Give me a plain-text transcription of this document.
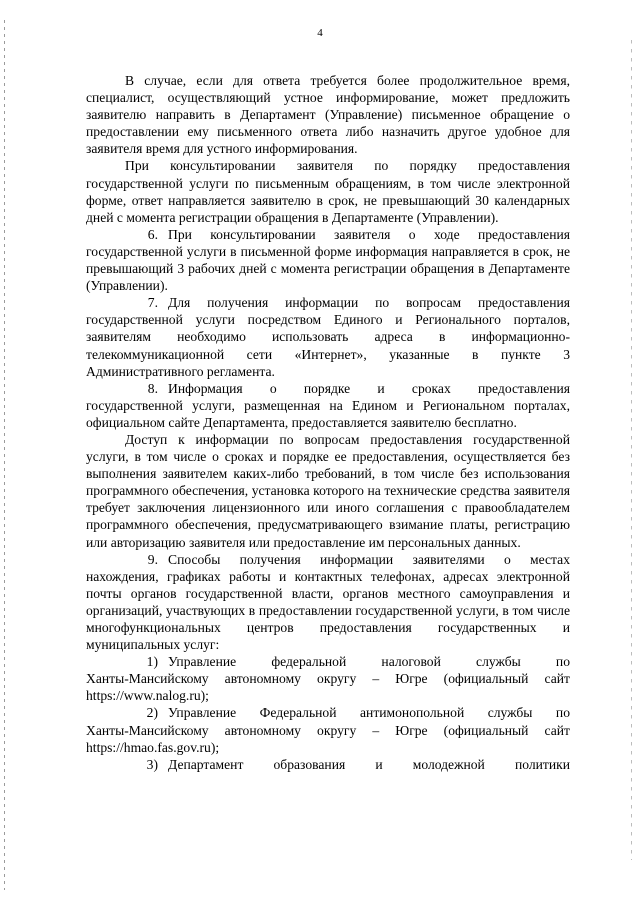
4

В случае, если для ответа требуется более продолжительное время, специалист, осуществляющий устное информирование, может предложить заявителю направить в Департамент (Управление) письменное обращение о предоставлении ему письменного ответа либо назначить другое удобное для заявителя время для устного информирования.

При консультировании заявителя по порядку предоставления государственной услуги по письменным обращениям, в том числе электронной форме, ответ направляется заявителю в срок, не превышающий 30 календарных дней с момента регистрации обращения в Департаменте (Управлении).

6. При консультировании заявителя о ходе предоставления

государственной услуги в письменной форме информация направляется в срок, не превышающий 3 рабочих дней с момента регистрации обращения в Департаменте (Управлении).

7. Для получения информации по вопросам предоставления

государственной услуги посредством Единого и Регионального порталов, заявителям необходимо использовать адреса в информационно-телекоммуникационной сети «Интернет», указанные в пункте 3 Административного регламента.

8. Информация о порядке и сроках предоставления

государственной услуги, размещенная на Едином и Региональном порталах, официальном сайте Департамента, предоставляется заявителю бесплатно.

Доступ к информации по вопросам предоставления государственной услуги, в том числе о сроках и порядке ее предоставления, осуществляется без выполнения заявителем каких-либо требований, в том числе без использования программного обеспечения, установка которого на технические средства заявителя требует заключения лицензионного или иного соглашения с правообладателем программного обеспечения, предусматривающего взимание платы, регистрацию или авторизацию заявителя или предоставление им персональных данных.

9. Способы получения информации заявителями о местах

нахождения, графиках работы и контактных телефонах, адресах электронной почты органов государственной власти, органов местного самоуправления и организаций, участвующих в предоставлении государственной услуги, в том числе многофункциональных центров предоставления государственных и муниципальных услуг:

1) Управление федеральной налоговой службы по

Ханты-Мансийскому автономному округу – Югре (официальный сайт https://www.nalog.ru);

2) Управление Федеральной антимонопольной службы по

Ханты-Мансийскому автономному округу – Югре (официальный сайт https://hmao.fas.gov.ru);

3) Департамент образования и молодежной политики
